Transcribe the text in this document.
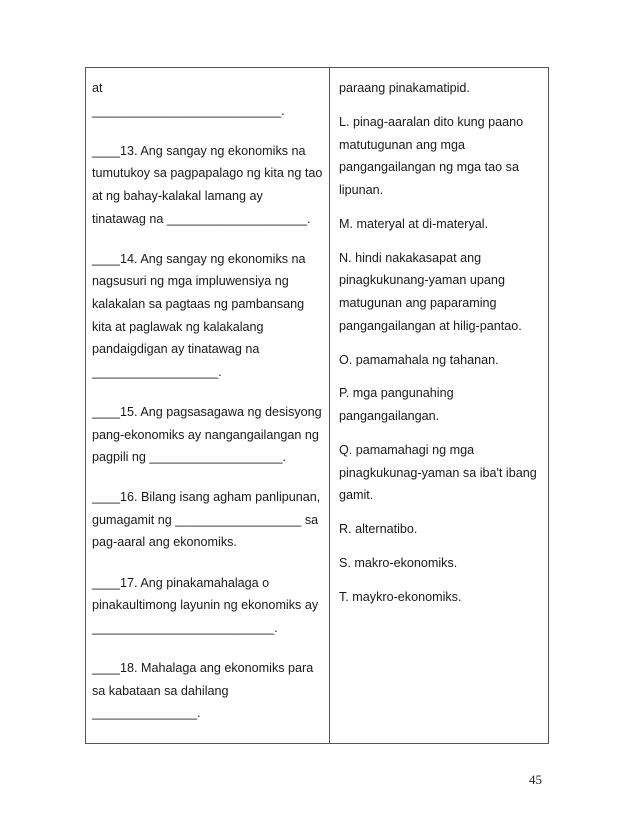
at
___________________________.
____13. Ang sangay ng ekonomiks na
tumutukoy sa pagpapalago ng kita ng tao
at ng bahay-kalakal lamang ay
tinatawag na ____________________.
____14. Ang sangay ng ekonomiks na
nagsusuri ng mga impluwensiya ng
kalakalan sa pagtaas ng pambansang
kita at paglawak ng kalakalang
pandaigdigan ay tinatawag na
__________________.
____15. Ang pagsasagawa ng desisyong
pang-ekonomiks ay nangangailangan ng
pagpili ng ___________________.
____16. Bilang isang agham panlipunan,
gumagamit ng __________________ sa
pag-aaral ang ekonomiks.
____17. Ang pinakamahalaga o
pinakaultimong layunin ng ekonomiks ay
__________________________.
____18. Mahalaga ang ekonomiks para
sa kabataan sa dahilang
_______________.
paraang pinakamatipid.
L. pinag-aaralan dito kung paano
matutugunan ang mga
pangangailangan ng mga tao sa
lipunan.
M. materyal at di-materyal.
N. hindi nakakasapat ang
pinagkukunang-yaman upang
matugunan ang paparaming
pangangailangan at hilig-pantao.
O. pamamahala ng tahanan.
P. mga pangunahing
pangangailangan.
Q. pamamahagi ng mga
pinagkukunag-yaman sa iba't ibang
gamit.
R. alternatibo.
S. makro-ekonomiks.
T. maykro-ekonomiks.
45
